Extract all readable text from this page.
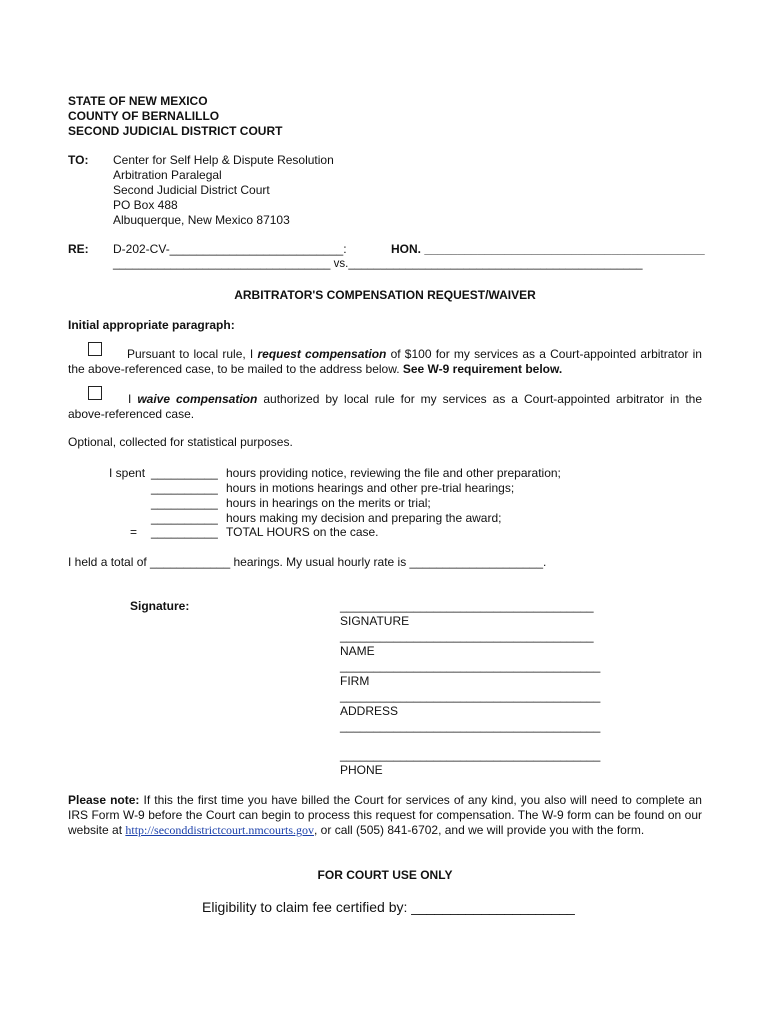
STATE OF NEW MEXICO
COUNTY OF BERNALILLO
SECOND JUDICIAL DISTRICT COURT
TO: Center for Self Help & Dispute Resolution
Arbitration Paralegal
Second Judicial District Court
PO Box 488
Albuquerque, New Mexico 87103
RE: D-202-CV-__________________________:	HON. __________________________________________
__________________________________ vs.______________________________________________
ARBITRATOR'S COMPENSATION REQUEST/WAIVER
Initial appropriate paragraph:
Pursuant to local rule, I request compensation of $100 for my services as a Court-appointed arbitrator in the above-referenced case, to be mailed to the address below. See W-9 requirement below.
I waive compensation authorized by local rule for my services as a Court-appointed arbitrator in the above-referenced case.
Optional, collected for statistical purposes.
I spent
=
__________ hours providing notice, reviewing the file and other preparation;
__________ hours in motions hearings and other pre-trial hearings;
__________ hours in hearings on the merits or trial;
__________ hours making my decision and preparing the award;
__________ TOTAL HOURS on the case.
I held a total of ____________ hearings. My usual hourly rate is ____________________.
Signature:	______________________________________
SIGNATURE
______________________________________
NAME
_______________________________________
FIRM
_______________________________________
ADDRESS
_______________________________________
_______________________________________
PHONE
Please note: If this the first time you have billed the Court for services of any kind, you also will need to complete an IRS Form W-9 before the Court can begin to process this request for compensation. The W-9 form can be found on our website at http://seconddistrictcourt.nmcourts.gov, or call (505) 841-6702, and we will provide you with the form.
FOR COURT USE ONLY
Eligibility to claim fee certified by: _____________________
